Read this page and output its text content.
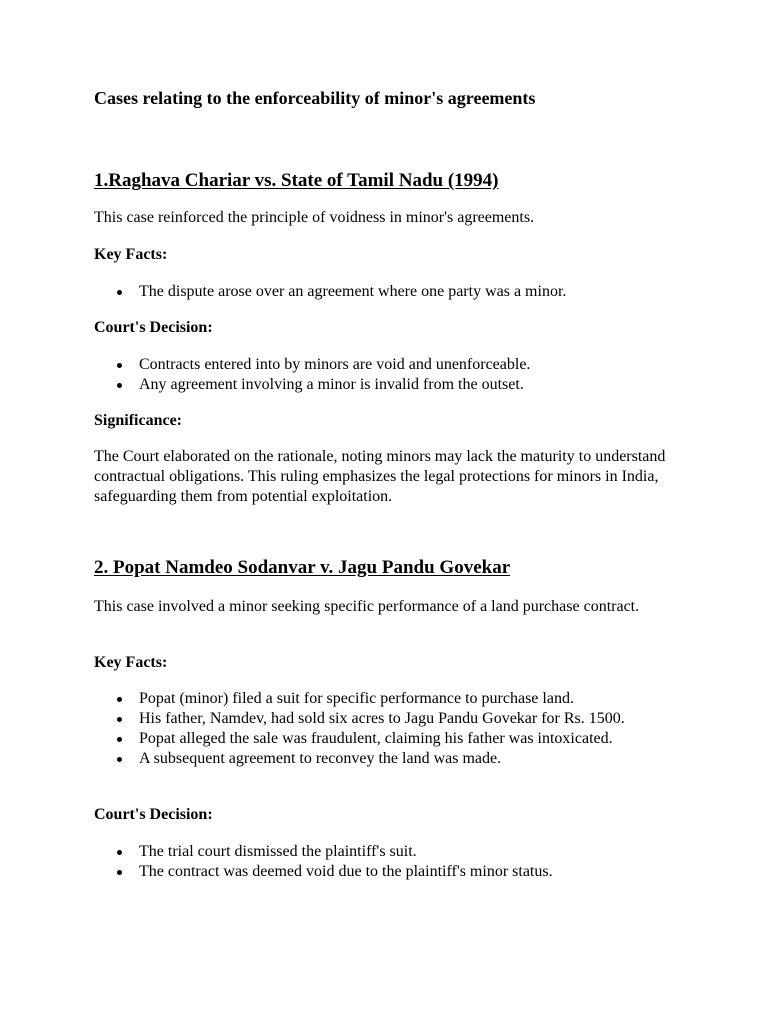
Cases relating to the enforceability of minor's agreements
1.Raghava Chariar vs. State of Tamil Nadu (1994)

This case reinforced the principle of voidness in minor's agreements.

Key Facts:

The dispute arose over an agreement where one party was a minor.

Court's Decision:

Contracts entered into by minors are void and unenforceable.
Any agreement involving a minor is invalid from the outset.

Significance:

The Court elaborated on the rationale, noting minors may lack the maturity to understand contractual obligations. This ruling emphasizes the legal protections for minors in India, safeguarding them from potential exploitation.

2. Popat Namdeo Sodanvar v. Jagu Pandu Govekar

This case involved a minor seeking specific performance of a land purchase contract.

Key Facts:

Popat (minor) filed a suit for specific performance to purchase land.
His father, Namdev, had sold six acres to Jagu Pandu Govekar for Rs. 1500.
Popat alleged the sale was fraudulent, claiming his father was intoxicated.
A subsequent agreement to reconvey the land was made.

Court's Decision:

The trial court dismissed the plaintiff's suit.
The contract was deemed void due to the plaintiff's minor status.
